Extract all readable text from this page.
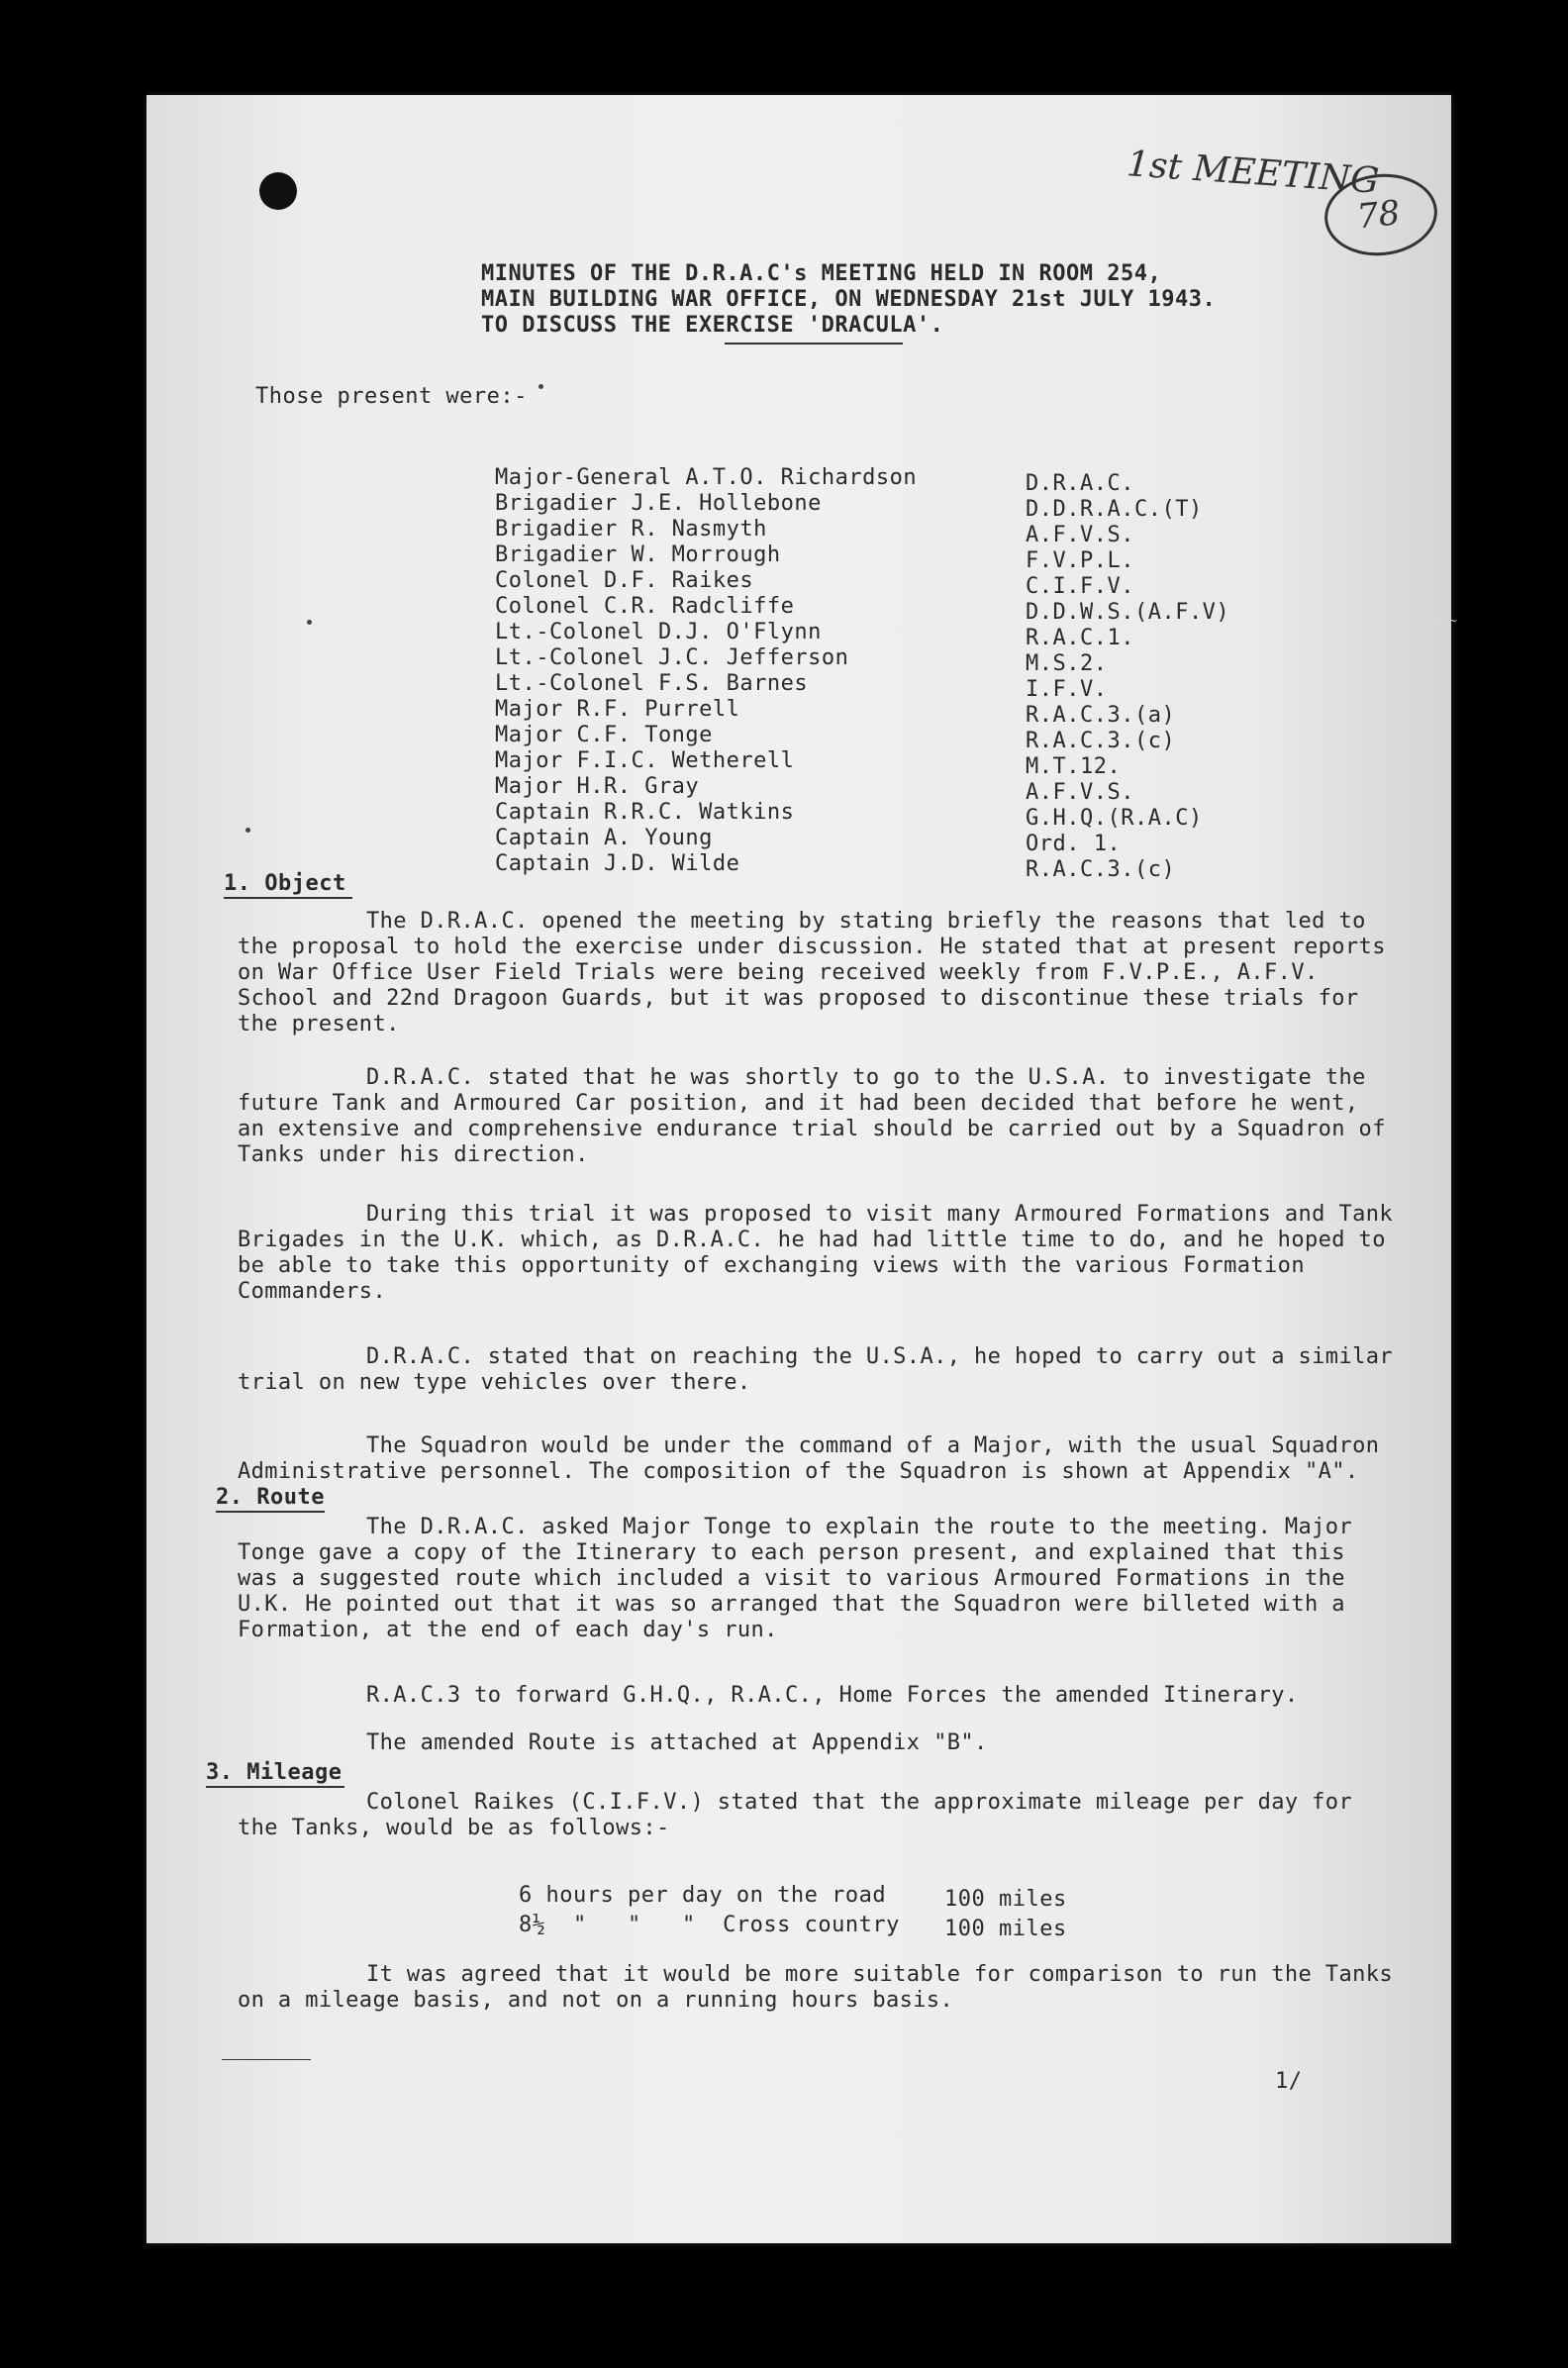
1st MEETING
78
MINUTES OF THE D.R.A.C's MEETING HELD IN ROOM 254,
MAIN BUILDING WAR OFFICE, ON WEDNESDAY 21st JULY 1943.
TO DISCUSS THE EXERCISE 'DRACULA'.
Those present were:-
Major-General A.T.O. Richardson	D.R.A.C.
Brigadier J.E. Hollebone	D.D.R.A.C.(T)
Brigadier R. Nasmyth	A.F.V.S.
Brigadier W. Morrough	F.V.P.L.
Colonel D.F. Raikes	C.I.F.V.
Colonel C.R. Radcliffe	D.D.W.S.(A.F.V)
Lt.-Colonel D.J. O'Flynn	R.A.C.1.
Lt.-Colonel J.C. Jefferson	M.S.2.
Lt.-Colonel F.S. Barnes	I.F.V.
Major R.F. Purrell	R.A.C.3.(a)
Major C.F. Tonge	R.A.C.3.(c)
Major F.I.C. Wetherell	M.T.12.
Major H.R. Gray	A.F.V.S.
Captain R.R.C. Watkins	G.H.Q.(R.A.C)
Captain A. Young	Ord. 1.
Captain J.D. Wilde	R.A.C.3.(c)
~·~
1. Object
The D.R.A.C. opened the meeting by stating briefly the reasons that led to the proposal to hold the exercise under discussion. He stated that at present reports on War Office User Field Trials were being received weekly from F.V.P.E., A.F.V. School and 22nd Dragoon Guards, but it was proposed to discontinue these trials for the present.
D.R.A.C. stated that he was shortly to go to the U.S.A. to investigate the future Tank and Armoured Car position, and it had been decided that before he went, an extensive and comprehensive endurance trial should be carried out by a Squadron of Tanks under his direction.
During this trial it was proposed to visit many Armoured Formations and Tank Brigades in the U.K. which, as D.R.A.C. he had had little time to do, and he hoped to be able to take this opportunity of exchanging views with the various Formation Commanders.
D.R.A.C. stated that on reaching the U.S.A., he hoped to carry out a similar trial on new type vehicles over there.
The Squadron would be under the command of a Major, with the usual Squadron Administrative personnel. The composition of the Squadron is shown at Appendix "A".
2. Route
The D.R.A.C. asked Major Tonge to explain the route to the meeting. Major Tonge gave a copy of the Itinerary to each person present, and explained that this was a suggested route which included a visit to various Armoured Formations in the U.K. He pointed out that it was so arranged that the Squadron were billeted with a Formation, at the end of each day's run.
R.A.C.3 to forward G.H.Q., R.A.C., Home Forces the amended Itinerary.
The amended Route is attached at Appendix "B".
3. Mileage
Colonel Raikes (C.I.F.V.) stated that the approximate mileage per day for the Tanks, would be as follows:-
6 hours per day on the road	100 miles
8½  "   "   "  Cross country 100 miles
It was agreed that it would be more suitable for comparison to run the Tanks on a mileage basis, and not on a running hours basis.
1/
